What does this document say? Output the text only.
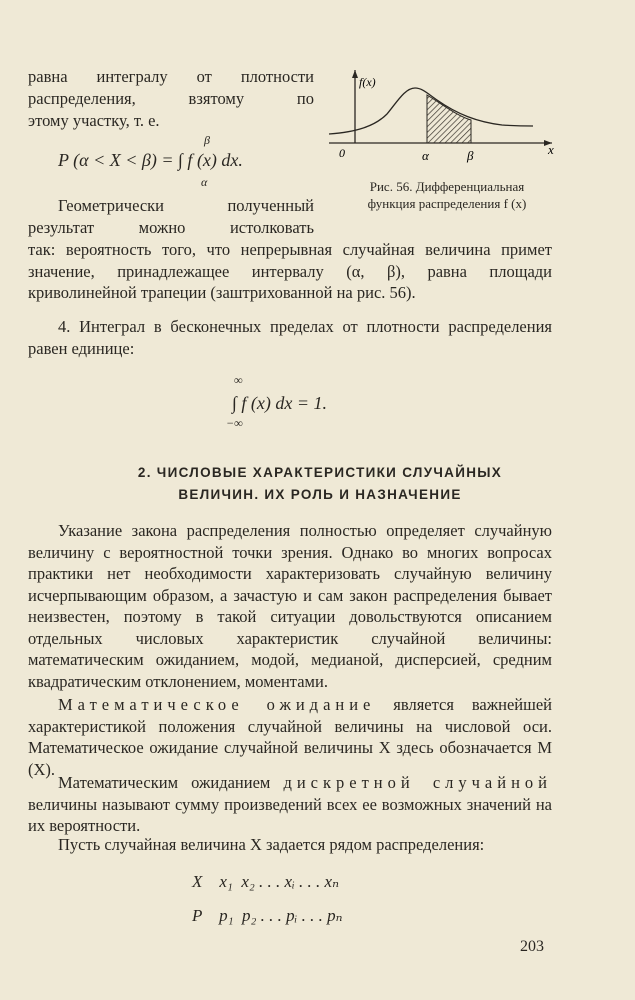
f(x)
0	α	β	x
Рис. 56. Дифференциальная
функция распределения f (x)
равна интегралу от плотности
распределения, взятому по
этому участку, т. е.
β
P (α < X < β) = ∫ f (x) dx.
α
Геометрически полученный
результат можно истолковать
так: вероятность того, что непрерывная случайная величина примет значение, принадлежащее интервалу (α, β), равна площади криволинейной трапеции (заштрихованной на рис. 56).
4. Интеграл в бесконечных пределах от плотности распределения равен единице:
∞
∫ f (x) dx = 1.
−∞
2. ЧИСЛОВЫЕ ХАРАКТЕРИСТИКИ СЛУЧАЙНЫХ
ВЕЛИЧИН. ИХ РОЛЬ И НАЗНАЧЕНИЕ
Указание закона распределения полностью определяет случайную величину с вероятностной точки зрения. Однако во многих вопросах практики нет необходимости характеризовать случайную величину исчерпывающим образом, а зачастую и сам закон распределения бывает неизвестен, поэтому в такой ситуации довольствуются описанием отдельных числовых характеристик случайной величины: математическим ожиданием, модой, медианой, дисперсией, средним квадратическим отклонением, моментами.
Математическое ожидание является важнейшей характеристикой положения случайной величины на числовой оси. Математическое ожидание случайной величины X здесь обозначается M (X).
Математическим ожиданием дискретной случайной величины называют сумму произведений всех ее возможных значений на их вероятности.
Пусть случайная величина X задается рядом распределения:
X    x₁  x₂ . . . xᵢ . . . xₙ
P    p₁  p₂ . . . pᵢ . . . pₙ
203
